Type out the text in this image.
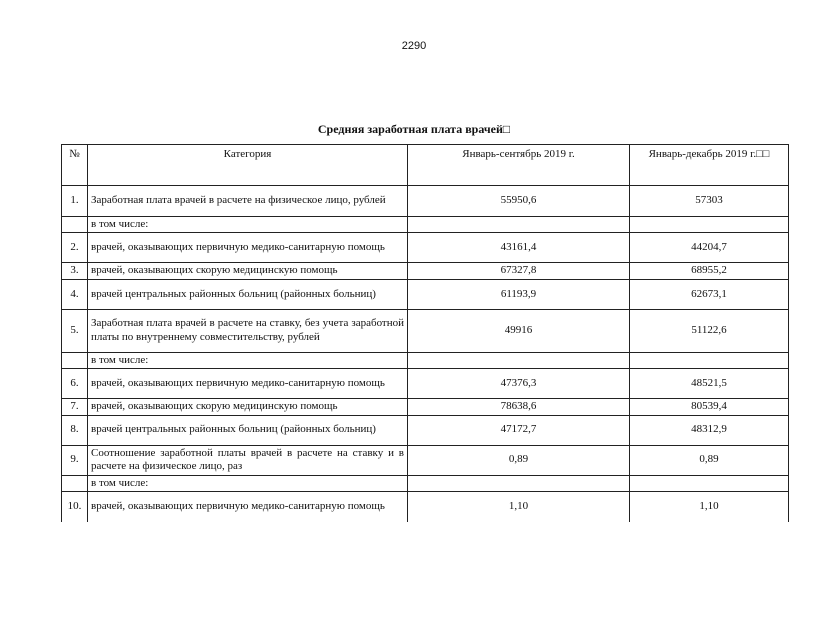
2290
Средняя заработная плата врачей□
№	Категория	Январь-сентябрь 2019 г.	Январь-декабрь 2019 г.□□
1.	Заработная плата врачей в расчете на физическое лицо, рублей	55950,6	57303
	в том числе:		
2.	врачей, оказывающих первичную медико-санитарную помощь	43161,4	44204,7
3.	врачей, оказывающих скорую медицинскую помощь	67327,8	68955,2
4.	врачей центральных районных больниц (районных больниц)	61193,9	62673,1
5.	Заработная плата врачей в расчете на ставку, без учета заработной платы по внутреннему совместительству, рублей	49916	51122,6
	в том числе:		
6.	врачей, оказывающих первичную медико-санитарную помощь	47376,3	48521,5
7.	врачей, оказывающих скорую медицинскую помощь	78638,6	80539,4
8.	врачей центральных районных больниц (районных больниц)	47172,7	48312,9
9.	Соотношение заработной платы врачей в расчете на ставку и в расчете на физическое лицо, раз	0,89	0,89
	в том числе:		
10.	врачей, оказывающих первичную медико-санитарную помощь	1,10	1,10
